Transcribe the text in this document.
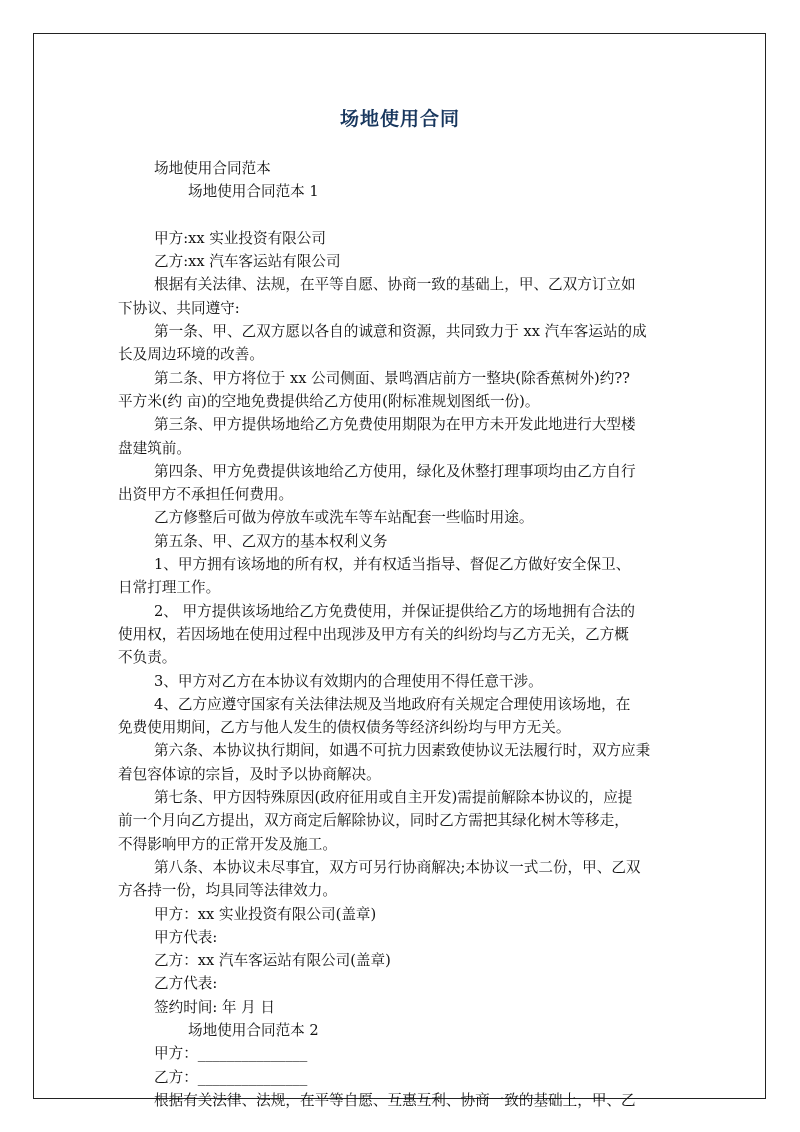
场地使用合同

场地使用合同范本

场地使用合同范本 1

甲方:xx 实业投资有限公司

乙方:xx 汽车客运站有限公司

根据有关法律、法规，在平等自愿、协商一致的基础上，甲、乙双方订立如

下协议、共同遵守:

第一条、甲、乙双方愿以各自的诚意和资源，共同致力于 xx 汽车客运站的成

长及周边环境的改善。

第二条、甲方将位于 xx 公司侧面、景鸣酒店前方一整块(除香蕉树外)约??

平方米(约 亩)的空地免费提供给乙方使用(附标准规划图纸一份)。

第三条、甲方提供场地给乙方免费使用期限为在甲方未开发此地进行大型楼

盘建筑前。

第四条、甲方免费提供该地给乙方使用，绿化及休整打理事项均由乙方自行

出资甲方不承担任何费用。

乙方修整后可做为停放车或洗车等车站配套一些临时用途。

第五条、甲、乙双方的基本权利义务

1、甲方拥有该场地的所有权，并有权适当指导、督促乙方做好安全保卫、

日常打理工作。

2、 甲方提供该场地给乙方免费使用，并保证提供给乙方的场地拥有合法的

使用权，若因场地在使用过程中出现涉及甲方有关的纠纷均与乙方无关，乙方概

不负责。

3、甲方对乙方在本协议有效期内的合理使用不得任意干涉。

4、乙方应遵守国家有关法律法规及当地政府有关规定合理使用该场地，在

免费使用期间，乙方与他人发生的债权债务等经济纠纷均与甲方无关。

第六条、本协议执行期间，如遇不可抗力因素致使协议无法履行时，双方应秉

着包容体谅的宗旨，及时予以协商解决。

第七条、甲方因特殊原因(政府征用或自主开发)需提前解除本协议的，应提

前一个月向乙方提出，双方商定后解除协议，同时乙方需把其绿化树木等移走，

不得影响甲方的正常开发及施工。

第八条、本协议未尽事宜，双方可另行协商解决;本协议一式二份，甲、乙双

方各持一份，均具同等法律效力。

甲方：xx 实业投资有限公司(盖章)

甲方代表:

乙方：xx 汽车客运站有限公司(盖章)

乙方代表:

签约时间: 年 月 日

场地使用合同范本 2

甲方：_______________

乙方：_______________

根据有关法律、法规，在平等自愿、互惠互利、协商一致的基础上，甲、乙
